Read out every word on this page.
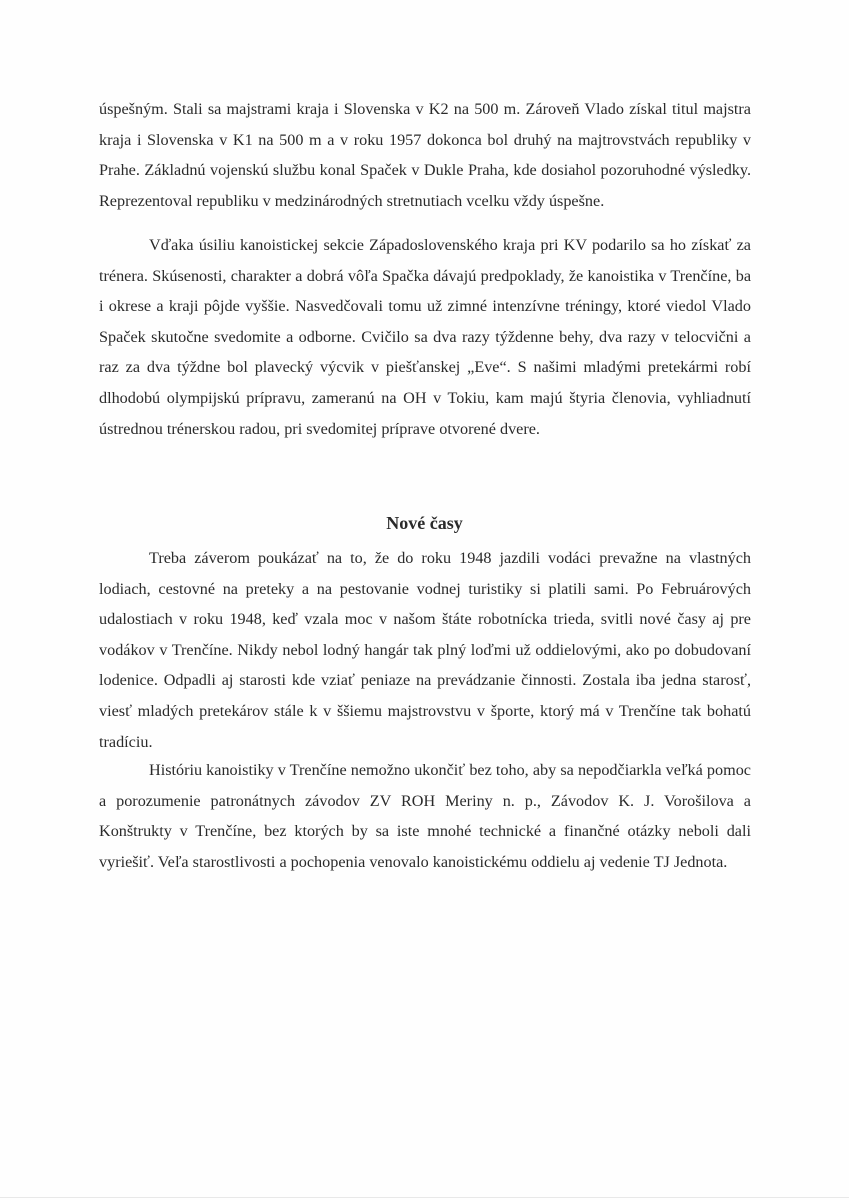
úspešným. Stali sa majstrami kraja i Slovenska v K2 na 500 m. Zároveň Vlado získal titul majstra kraja i Slovenska v K1 na 500 m a v roku 1957 dokonca bol druhý na majtrovstvách republiky v Prahe. Základnú vojenskú službu konal Spaček v Dukle Praha, kde dosiahol pozoruhodné výsledky. Reprezentoval republiku v medzinárodných stretnutiach vcelku vždy úspešne.

Vďaka úsiliu kanoistickej sekcie Západoslovenského kraja pri KV podarilo sa ho získať za trénera. Skúsenosti, charakter a dobrá vôľa Spačka dávajú predpoklady, že kanoistika v Trenčíne, ba i okrese a kraji pôjde vyššie. Nasvedčovali tomu už zimné intenzívne tréningy, ktoré viedol Vlado Spaček skutočne svedomite a odborne. Cvičilo sa dva razy týždenne behy, dva razy v telocvični a raz za dva týždne bol plavecký výcvik v piešťanskej „Eve“. S našimi mladými pretekármi robí dlhodobú olympijskú prípravu, zameranú na OH v Tokiu, kam majú štyria členovia, vyhliadnutí ústrednou trénerskou radou, pri svedomitej príprave otvorené dvere.

Nové časy

Treba záverom poukázať na to, že do roku 1948 jazdili vodáci prevažne na vlastných lodiach, cestovné na preteky a na pestovanie vodnej turistiky si platili sami. Po Februárových udalostiach v roku 1948, keď vzala moc v našom štáte robotnícka trieda, svitli nové časy aj pre vodákov v Trenčíne. Nikdy nebol lodný hangár tak plný loďmi už oddielovými, ako po dobudovaní lodenice. Odpadli aj starosti kde vziať peniaze na prevádzanie činnosti. Zostala iba jedna starosť, viesť mladých pretekárov stále k v ššiemu majstrovstvu v športe, ktorý má v Trenčíne tak bohatú tradíciu.

Históriu kanoistiky v Trenčíne nemožno ukončiť bez toho, aby sa nepodčiarkla veľká pomoc a porozumenie patronátnych závodov ZV ROH Meriny n. p., Závodov K. J. Vorošilova a Konštrukty v Trenčíne, bez ktorých by sa iste mnohé technické a finančné otázky neboli dali vyriešiť. Veľa starostlivosti a pochopenia venovalo kanoistickému oddielu aj vedenie TJ Jednota.
